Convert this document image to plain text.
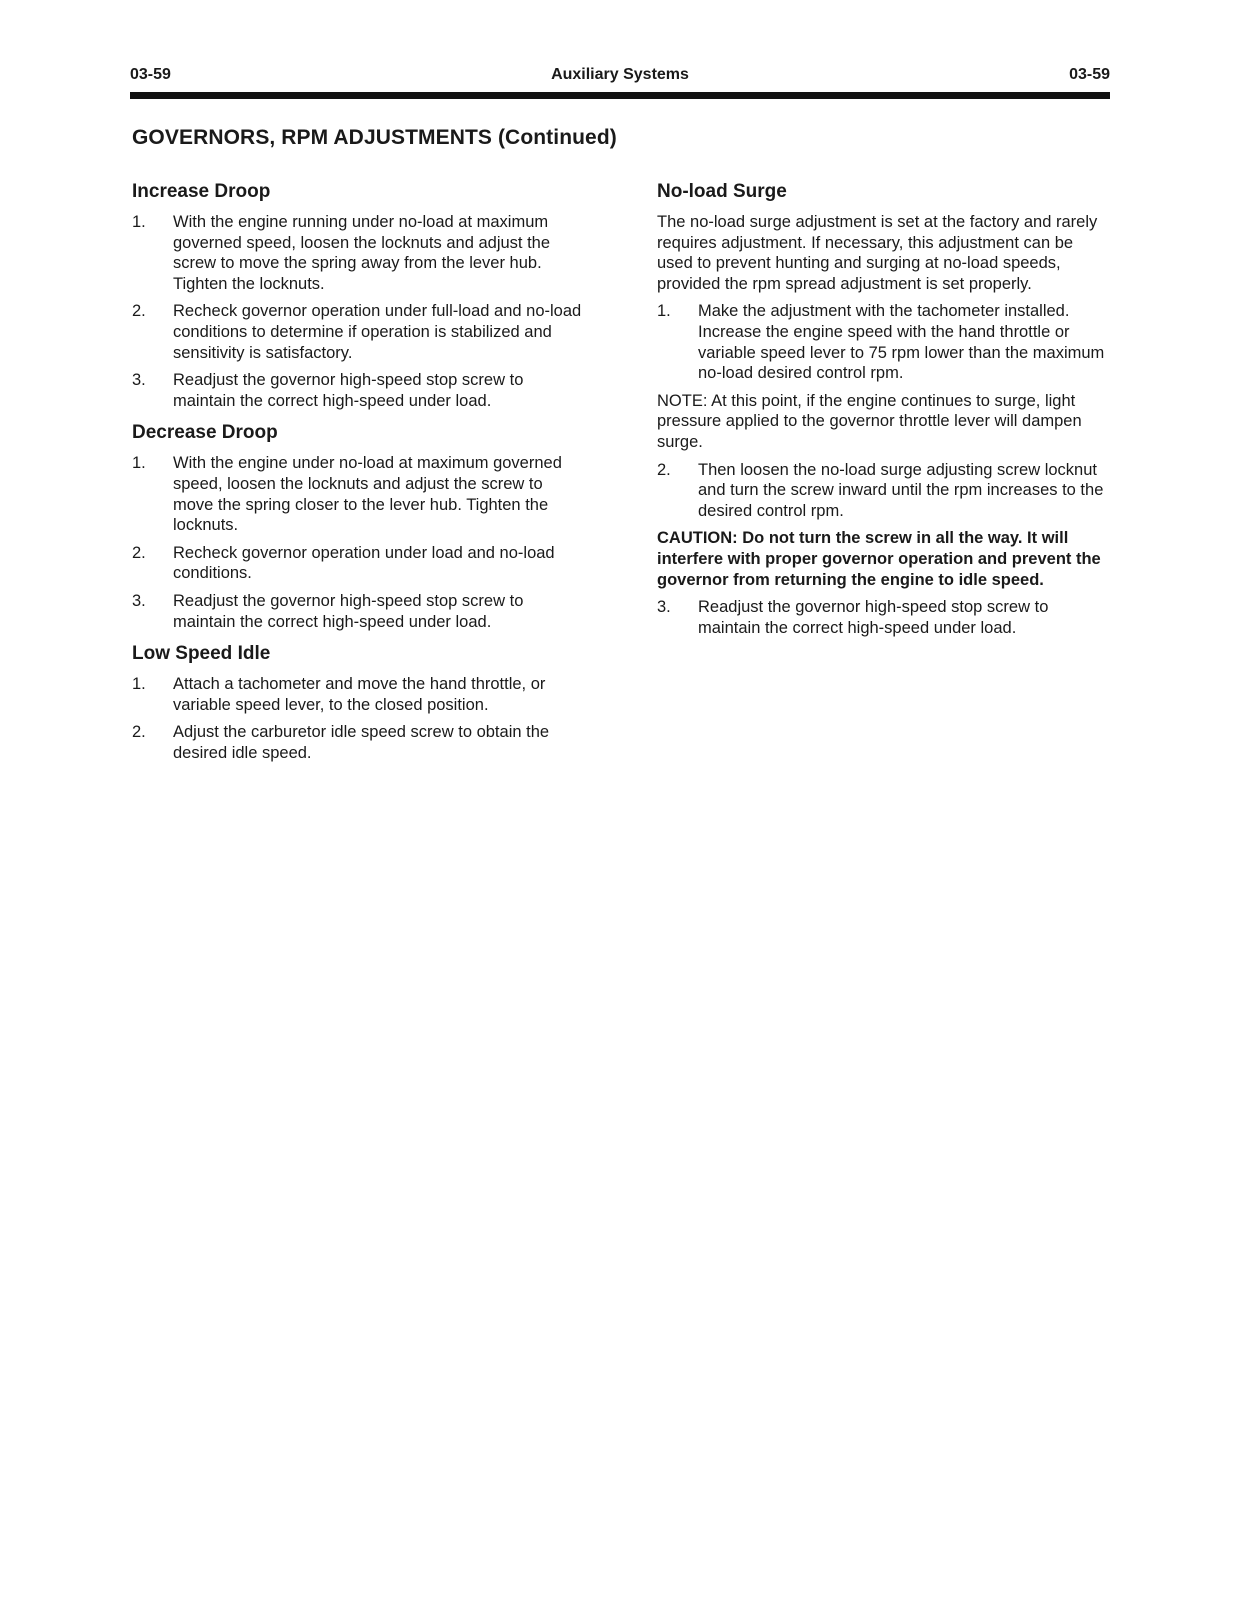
03-59	Auxiliary Systems	03-59
GOVERNORS, RPM ADJUSTMENTS (Continued)
Increase Droop
1.	With the engine running under no-load at maximum governed speed, loosen the locknuts and adjust the screw to move the spring away from the lever hub. Tighten the locknuts.
2.	Recheck governor operation under full-load and no-load conditions to determine if operation is stabilized and sensitivity is satisfactory.
3.	Readjust the governor high-speed stop screw to maintain the correct high-speed under load.
Decrease Droop
1.	With the engine under no-load at maximum governed speed, loosen the locknuts and adjust the screw to move the spring closer to the lever hub. Tighten the locknuts.
2.	Recheck governor operation under load and no-load conditions.
3.	Readjust the governor high-speed stop screw to maintain the correct high-speed under load.
Low Speed Idle
1.	Attach a tachometer and move the hand throttle, or variable speed lever, to the closed position.
2.	Adjust the carburetor idle speed screw to obtain the desired idle speed.
No-load Surge

The no-load surge adjustment is set at the factory and rarely requires adjustment. If necessary, this adjustment can be used to prevent hunting and surging at no-load speeds, provided the rpm spread adjustment is set properly.

1.	Make the adjustment with the tachometer installed. Increase the engine speed with the hand throttle or variable speed lever to 75 rpm lower than the maximum no-load desired control rpm.

NOTE: At this point, if the engine continues to surge, light pressure applied to the governor throttle lever will dampen surge.

2.	Then loosen the no-load surge adjusting screw locknut and turn the screw inward until the rpm increases to the desired control rpm.

CAUTION: Do not turn the screw in all the way. It will interfere with proper governor operation and prevent the governor from returning the engine to idle speed.

3.	Readjust the governor high-speed stop screw to maintain the correct high-speed under load.
